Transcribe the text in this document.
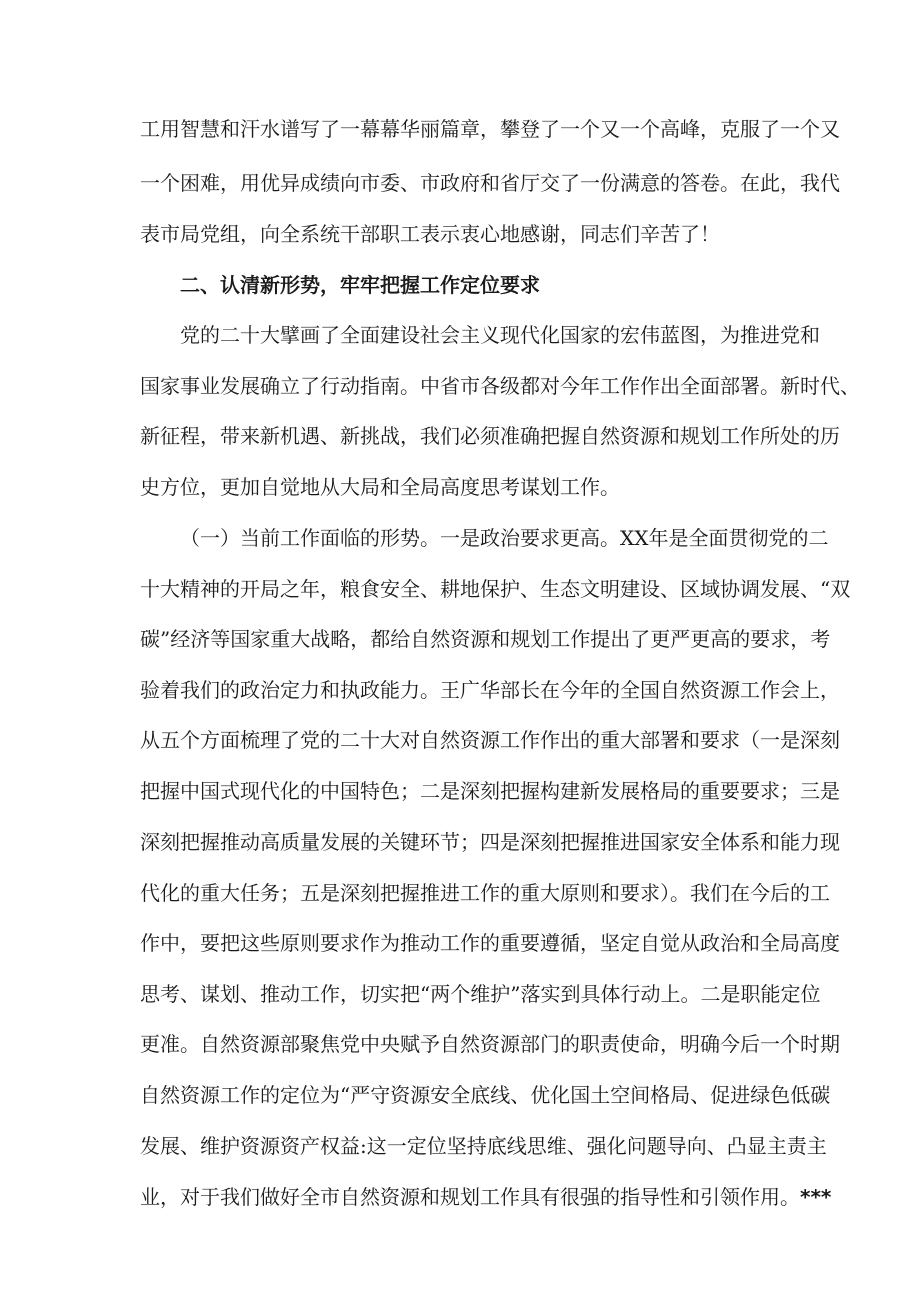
工用智慧和汗水谱写了一幕幕华丽篇章，攀登了一个又一个高峰，克服了一个又
一个困难，用优异成绩向市委、市政府和省厅交了一份满意的答卷。在此，我代
表市局党组，向全系统干部职工表示衷心地感谢，同志们辛苦了！
二、认清新形势，牢牢把握工作定位要求
党的二十大擘画了全面建设社会主义现代化国家的宏伟蓝图，为推进党和
国家事业发展确立了行动指南。中省市各级都对今年工作作出全面部署。新时代、
新征程，带来新机遇、新挑战，我们必须准确把握自然资源和规划工作所处的历
史方位，更加自觉地从大局和全局高度思考谋划工作。
（一）当前工作面临的形势。一是政治要求更高。XX年是全面贯彻党的二
十大精神的开局之年，粮食安全、耕地保护、生态文明建设、区域协调发展、“双
碳”经济等国家重大战略，都给自然资源和规划工作提出了更严更高的要求，考
验着我们的政治定力和执政能力。王广华部长在今年的全国自然资源工作会上，
从五个方面梳理了党的二十大对自然资源工作作出的重大部署和要求（一是深刻
把握中国式现代化的中国特色；二是深刻把握构建新发展格局的重要要求；三是
深刻把握推动高质量发展的关键环节；四是深刻把握推进国家安全体系和能力现
代化的重大任务；五是深刻把握推进工作的重大原则和要求）。我们在今后的工
作中，要把这些原则要求作为推动工作的重要遵循，坚定自觉从政治和全局高度
思考、谋划、推动工作，切实把“两个维护”落实到具体行动上。二是职能定位
更准。自然资源部聚焦党中央赋予自然资源部门的职责使命，明确今后一个时期
自然资源工作的定位为“严守资源安全底线、优化国土空间格局、促进绿色低碳
发展、维护资源资产权益:这一定位坚持底线思维、强化问题导向、凸显主责主
业，对于我们做好全市自然资源和规划工作具有很强的指导性和引领作用。***
